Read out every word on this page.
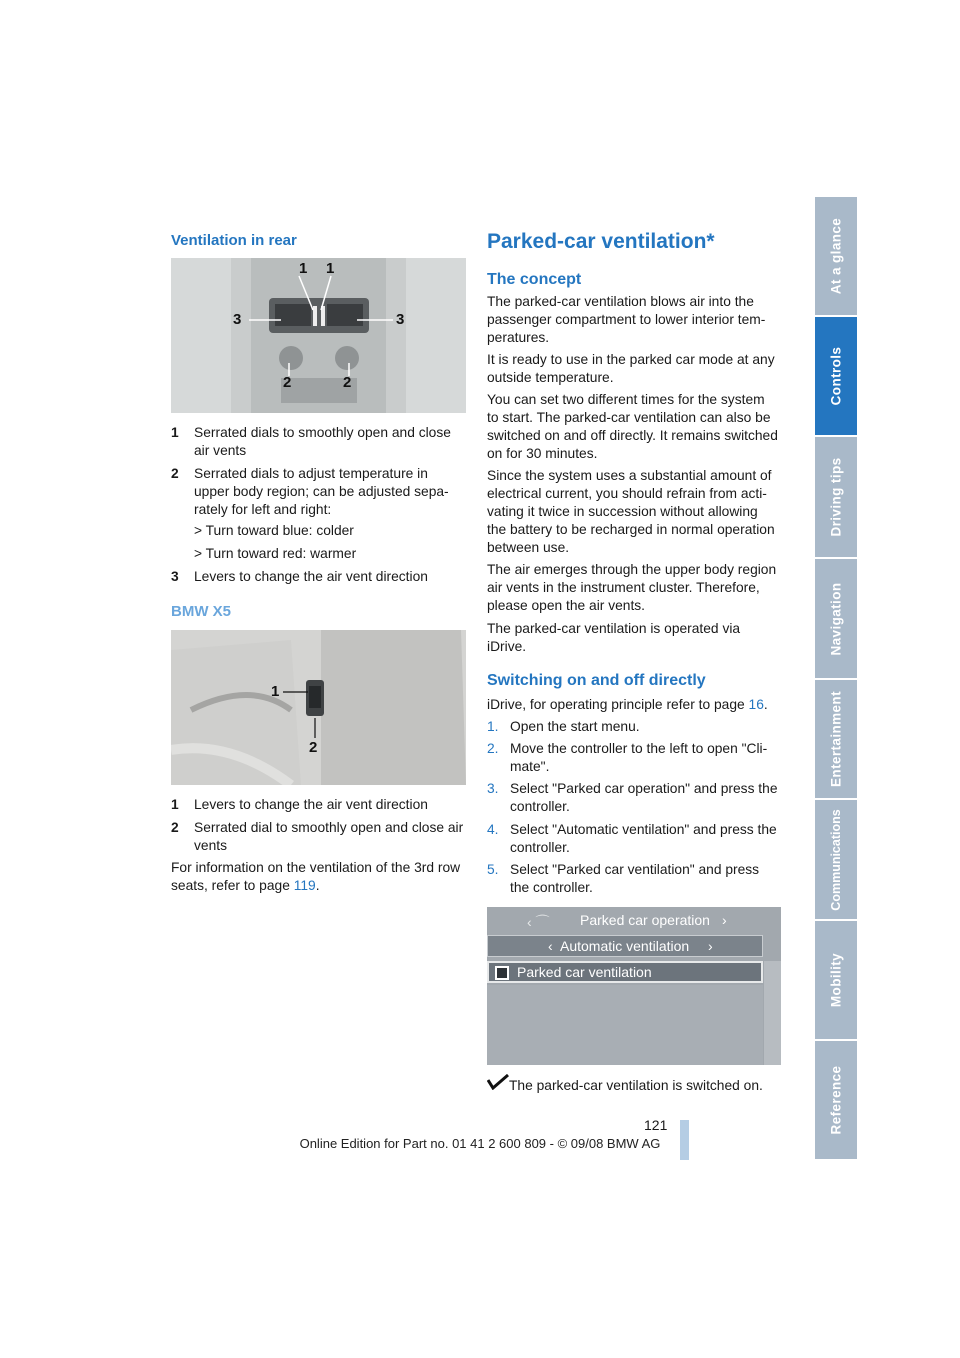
At a glance
Controls
Driving tips
Navigation
Entertainment
Communications
Mobility
Reference
Ventilation in rear
1 1
3	3
2	2
1 Serrated dials to smoothly open and close air vents
2 Serrated dials to adjust temperature in upper body region; can be adjusted sepa-rately for left and right:
> Turn toward blue: colder
> Turn toward red: warmer
3 Levers to change the air vent direction
BMW X5
1
2
1 Levers to change the air vent direction
2 Serrated dial to smoothly open and close air vents
For information on the ventilation of the 3rd row seats, refer to page 119.
Parked-car ventilation*
The concept
The parked-car ventilation blows air into the passenger compartment to lower interior tem-peratures.
It is ready to use in the parked car mode at any outside temperature.
You can set two different times for the system to start. The parked-car ventilation can also be switched on and off directly. It remains switched on for 30 minutes.
Since the system uses a substantial amount of electrical current, you should refrain from acti-vating it twice in succession without allowing the battery to be recharged in normal operation between use.
The air emerges through the upper body region air vents in the instrument cluster. Therefore, please open the air vents.
The parked-car ventilation is operated via iDrive.
Switching on and off directly
iDrive, for operating principle refer to page 16.
1. Open the start menu.
2. Move the controller to the left to open "Cli-mate".
3. Select "Parked car operation" and press the controller.
4. Select "Automatic ventilation" and press the controller.
5. Select "Parked car ventilation" and press the controller.
‹ ⌒ Parked car operation ›
‹ Automatic ventilation ›
Parked car ventilation
The parked-car ventilation is switched on.
121
Online Edition for Part no. 01 41 2 600 809 - © 09/08 BMW AG
